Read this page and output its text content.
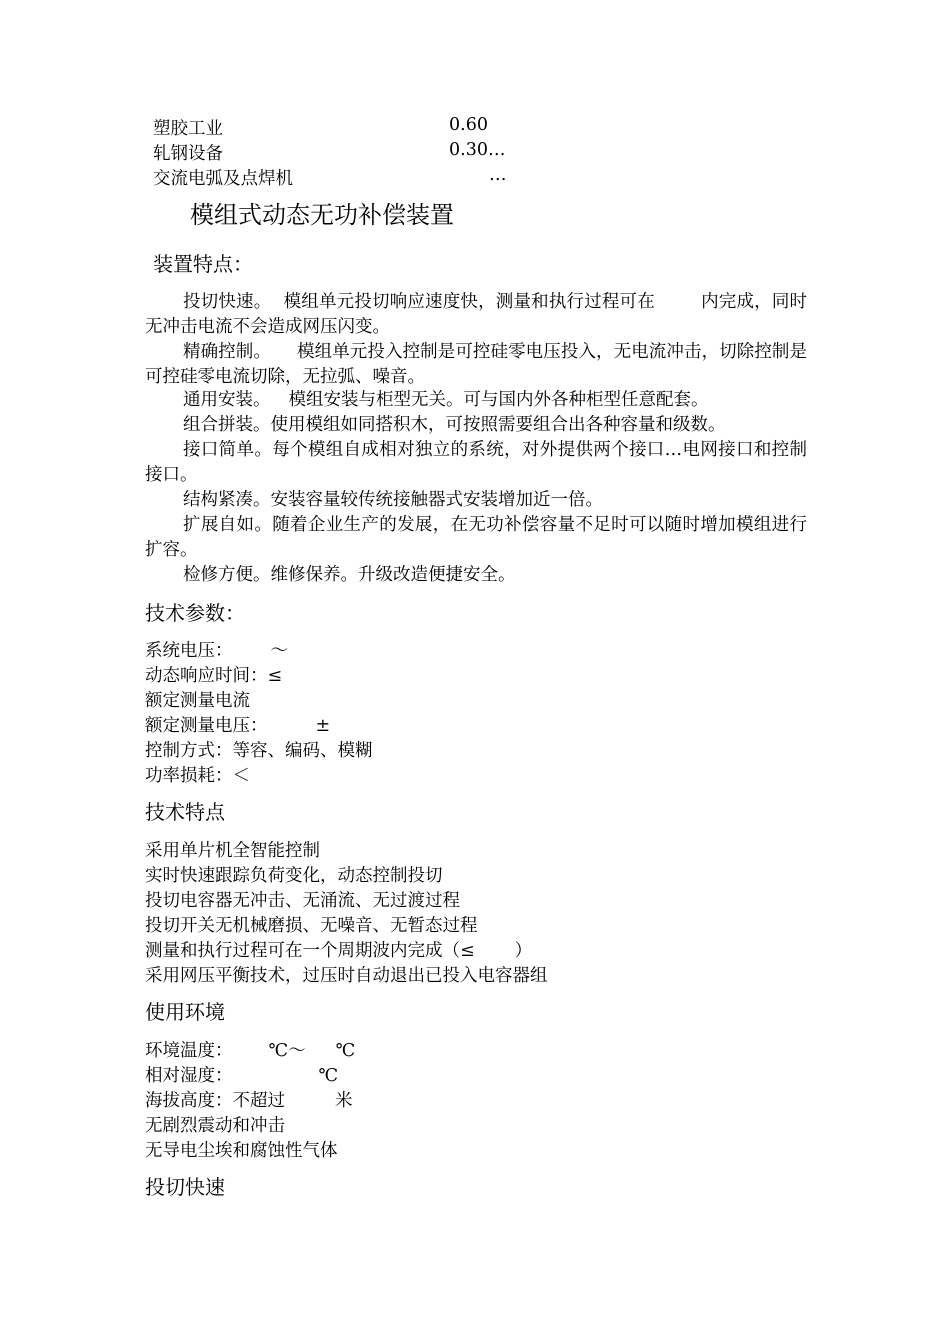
塑胶工业	0.60
轧钢设备	0.30…
交流电弧及点焊机	…
模组式动态无功补偿装置
装置特点：
投切快速。 模组单元投切响应速度快，测量和执行过程可在	内完成，同时无冲击电流不会造成网压闪变。
精确控制。 模组单元投入控制是可控硅零电压投入，无电流冲击，切除控制是可控硅零电流切除，无拉弧、噪音。
通用安装。 模组安装与柜型无关。可与国内外各种柜型任意配套。
组合拼装。使用模组如同搭积木，可按照需要组合出各种容量和级数。
接口简单。每个模组自成相对独立的系统，对外提供两个接口…电网接口和控制接口。
结构紧凑。安装容量较传统接触器式安装增加近一倍。
扩展自如。随着企业生产的发展，在无功补偿容量不足时可以随时增加模组进行扩容。
检修方便。维修保养。升级改造便捷安全。
技术参数：
系统电压： ～
动态响应时间：≤
额定测量电流
额定测量电压：	±
控制方式：等容、编码、模糊
功率损耗：＜
技术特点
采用单片机全智能控制
实时快速跟踪负荷变化，动态控制投切
投切电容器无冲击、无涌流、无过渡过程
投切开关无机械磨损、无噪音、无暂态过程
测量和执行过程可在一个周期波内完成（≤ ）
采用网压平衡技术，过压时自动退出已投入电容器组
使用环境
环境温度： ℃～ ℃
相对湿度：	℃
海拔高度：不超过	米
无剧烈震动和冲击
无导电尘埃和腐蚀性气体
投切快速
